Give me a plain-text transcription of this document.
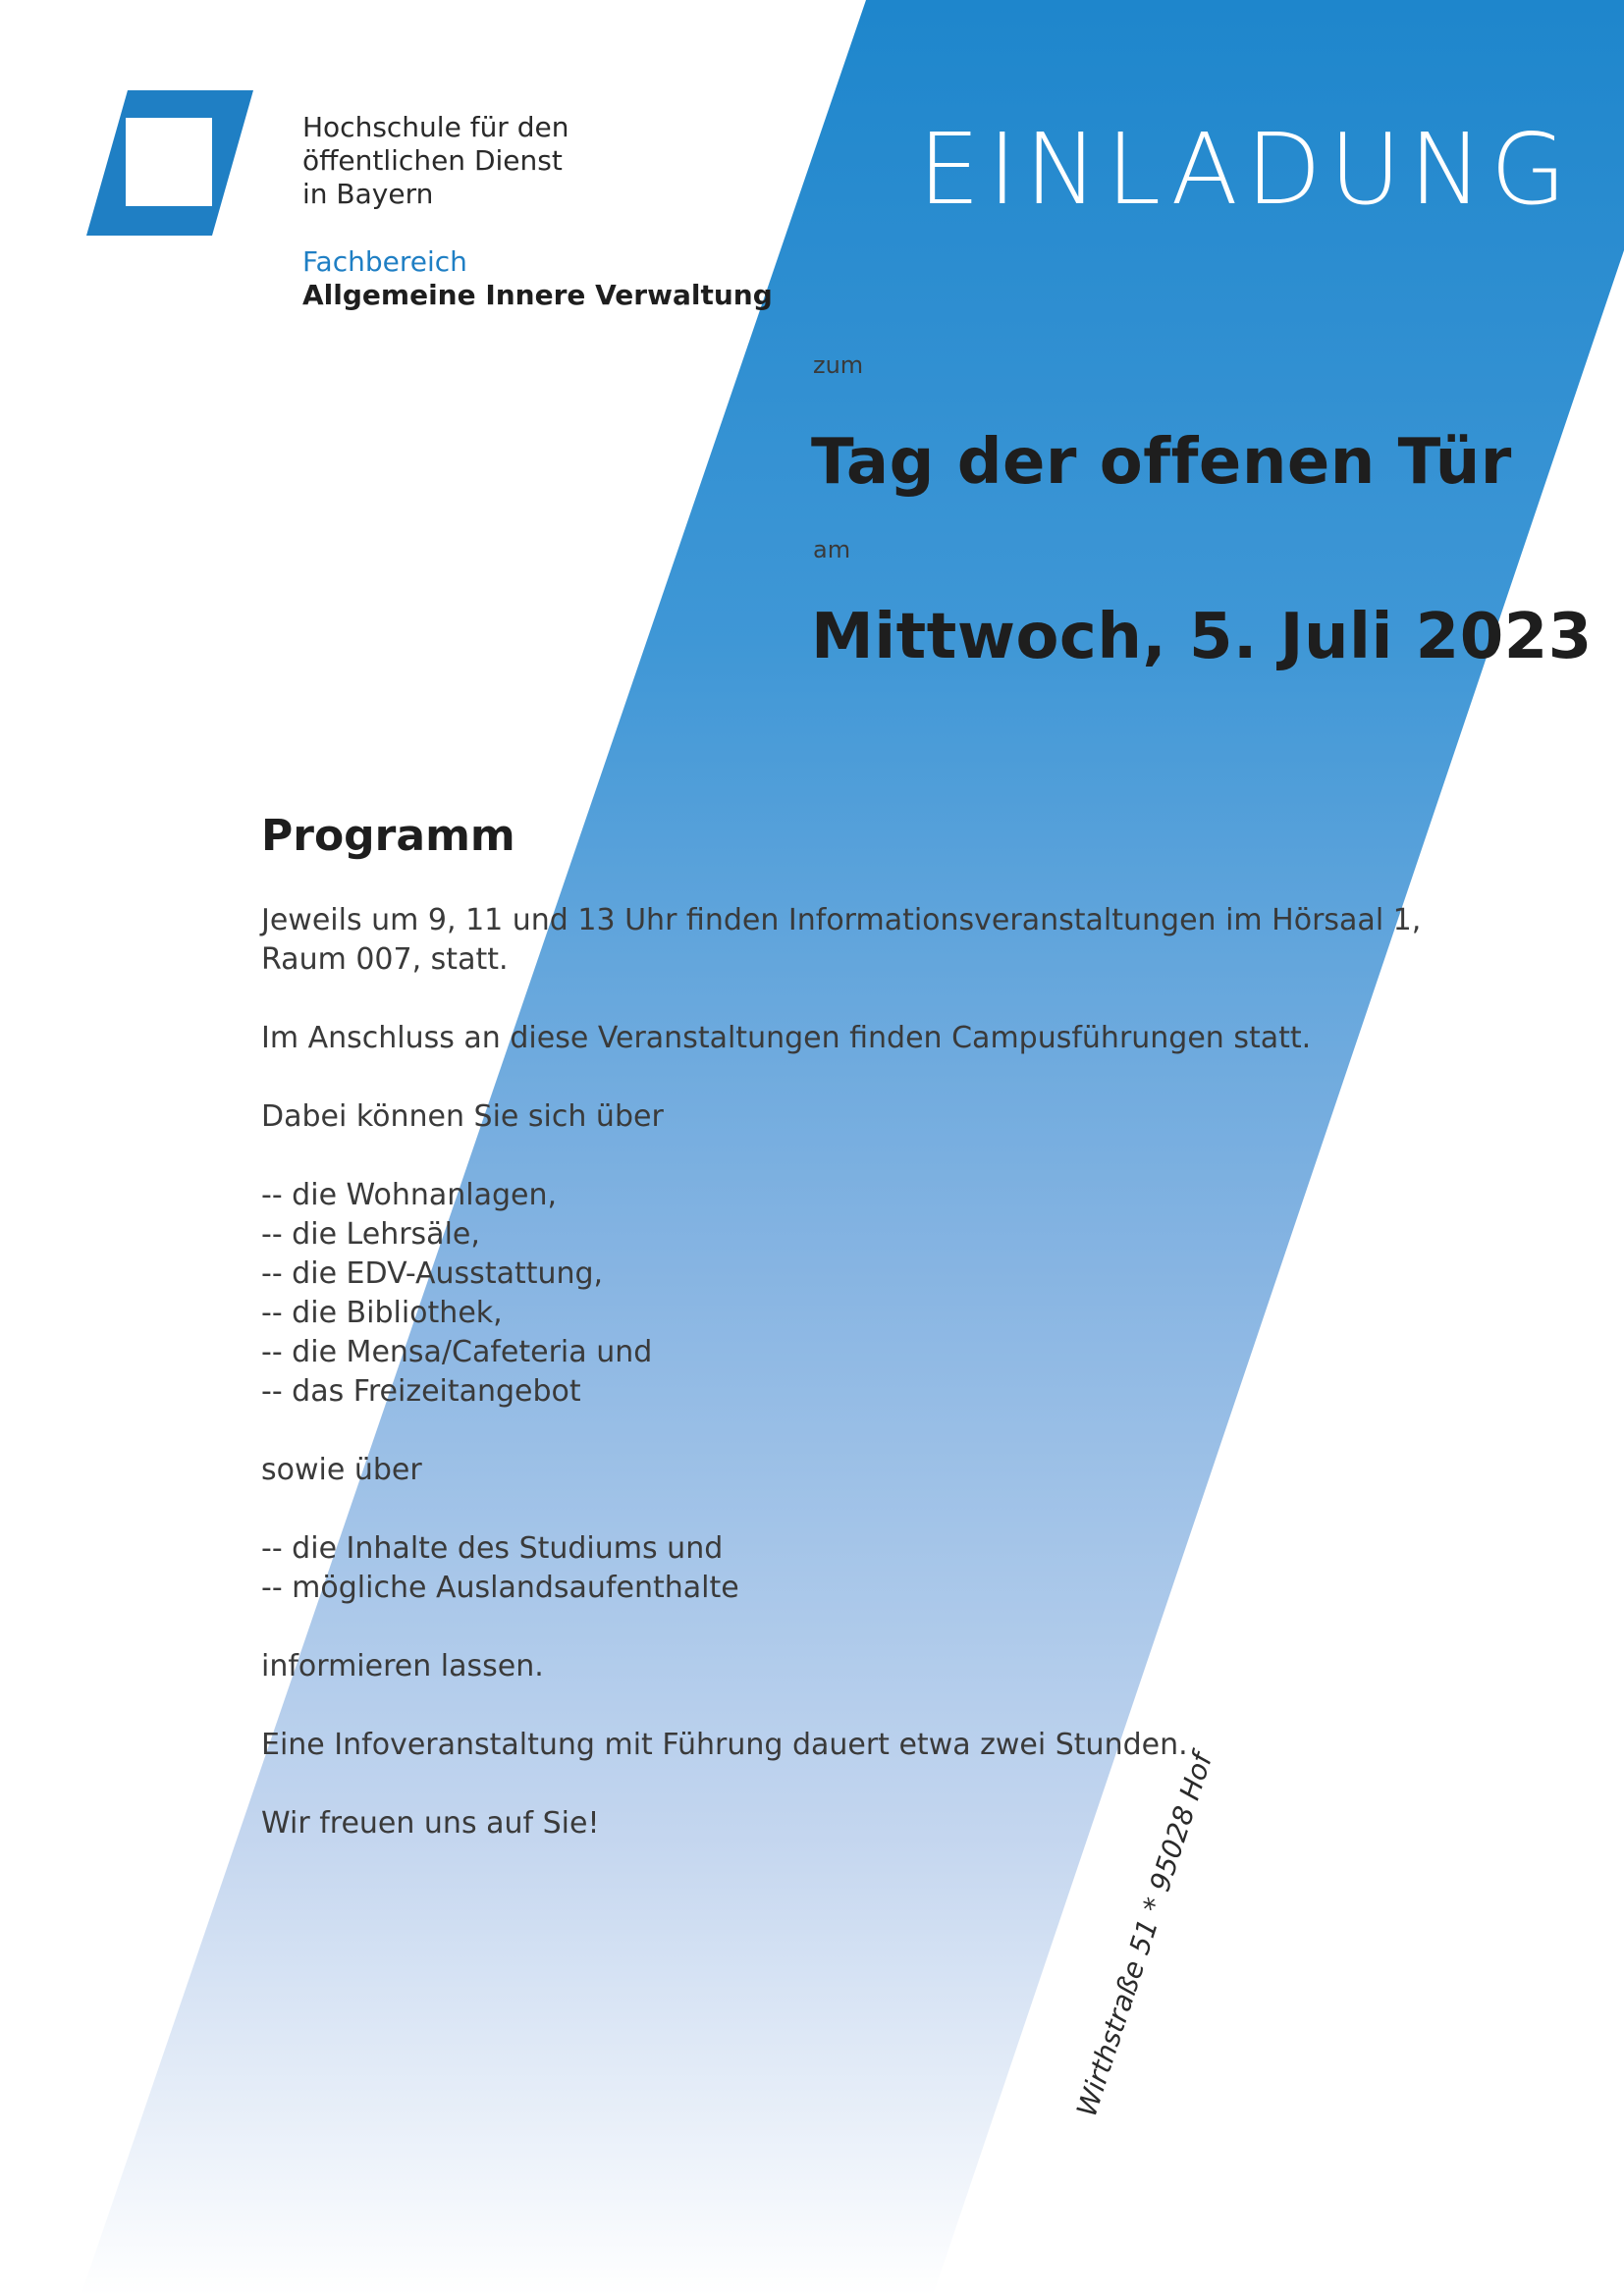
Hochschule für den
öffentlichen Dienst
in Bayern
Fachbereich
Allgemeine Innere Verwaltung
EINLADUNG
zum
Tag der offenen Tür
am
Mittwoch, 5. Juli 2023
Programm

Jeweils um 9, 11 und 13 Uhr finden Informationsveranstaltungen im Hörsaal 1,

Raum 007, statt.

Im Anschluss an diese Veranstaltungen finden Campusführungen statt.

Dabei können Sie sich über

-- die Wohnanlagen,

-- die Lehrsäle,

-- die EDV-Ausstattung,

-- die Bibliothek,

-- die Mensa/Cafeteria und

-- das Freizeitangebot

sowie über

-- die Inhalte des Studiums und

-- mögliche Auslandsaufenthalte

informieren lassen.

Eine Infoveranstaltung mit Führung dauert etwa zwei Stunden.

Wir freuen uns auf Sie!	Wirthstraße 51 * 95028 Hof
